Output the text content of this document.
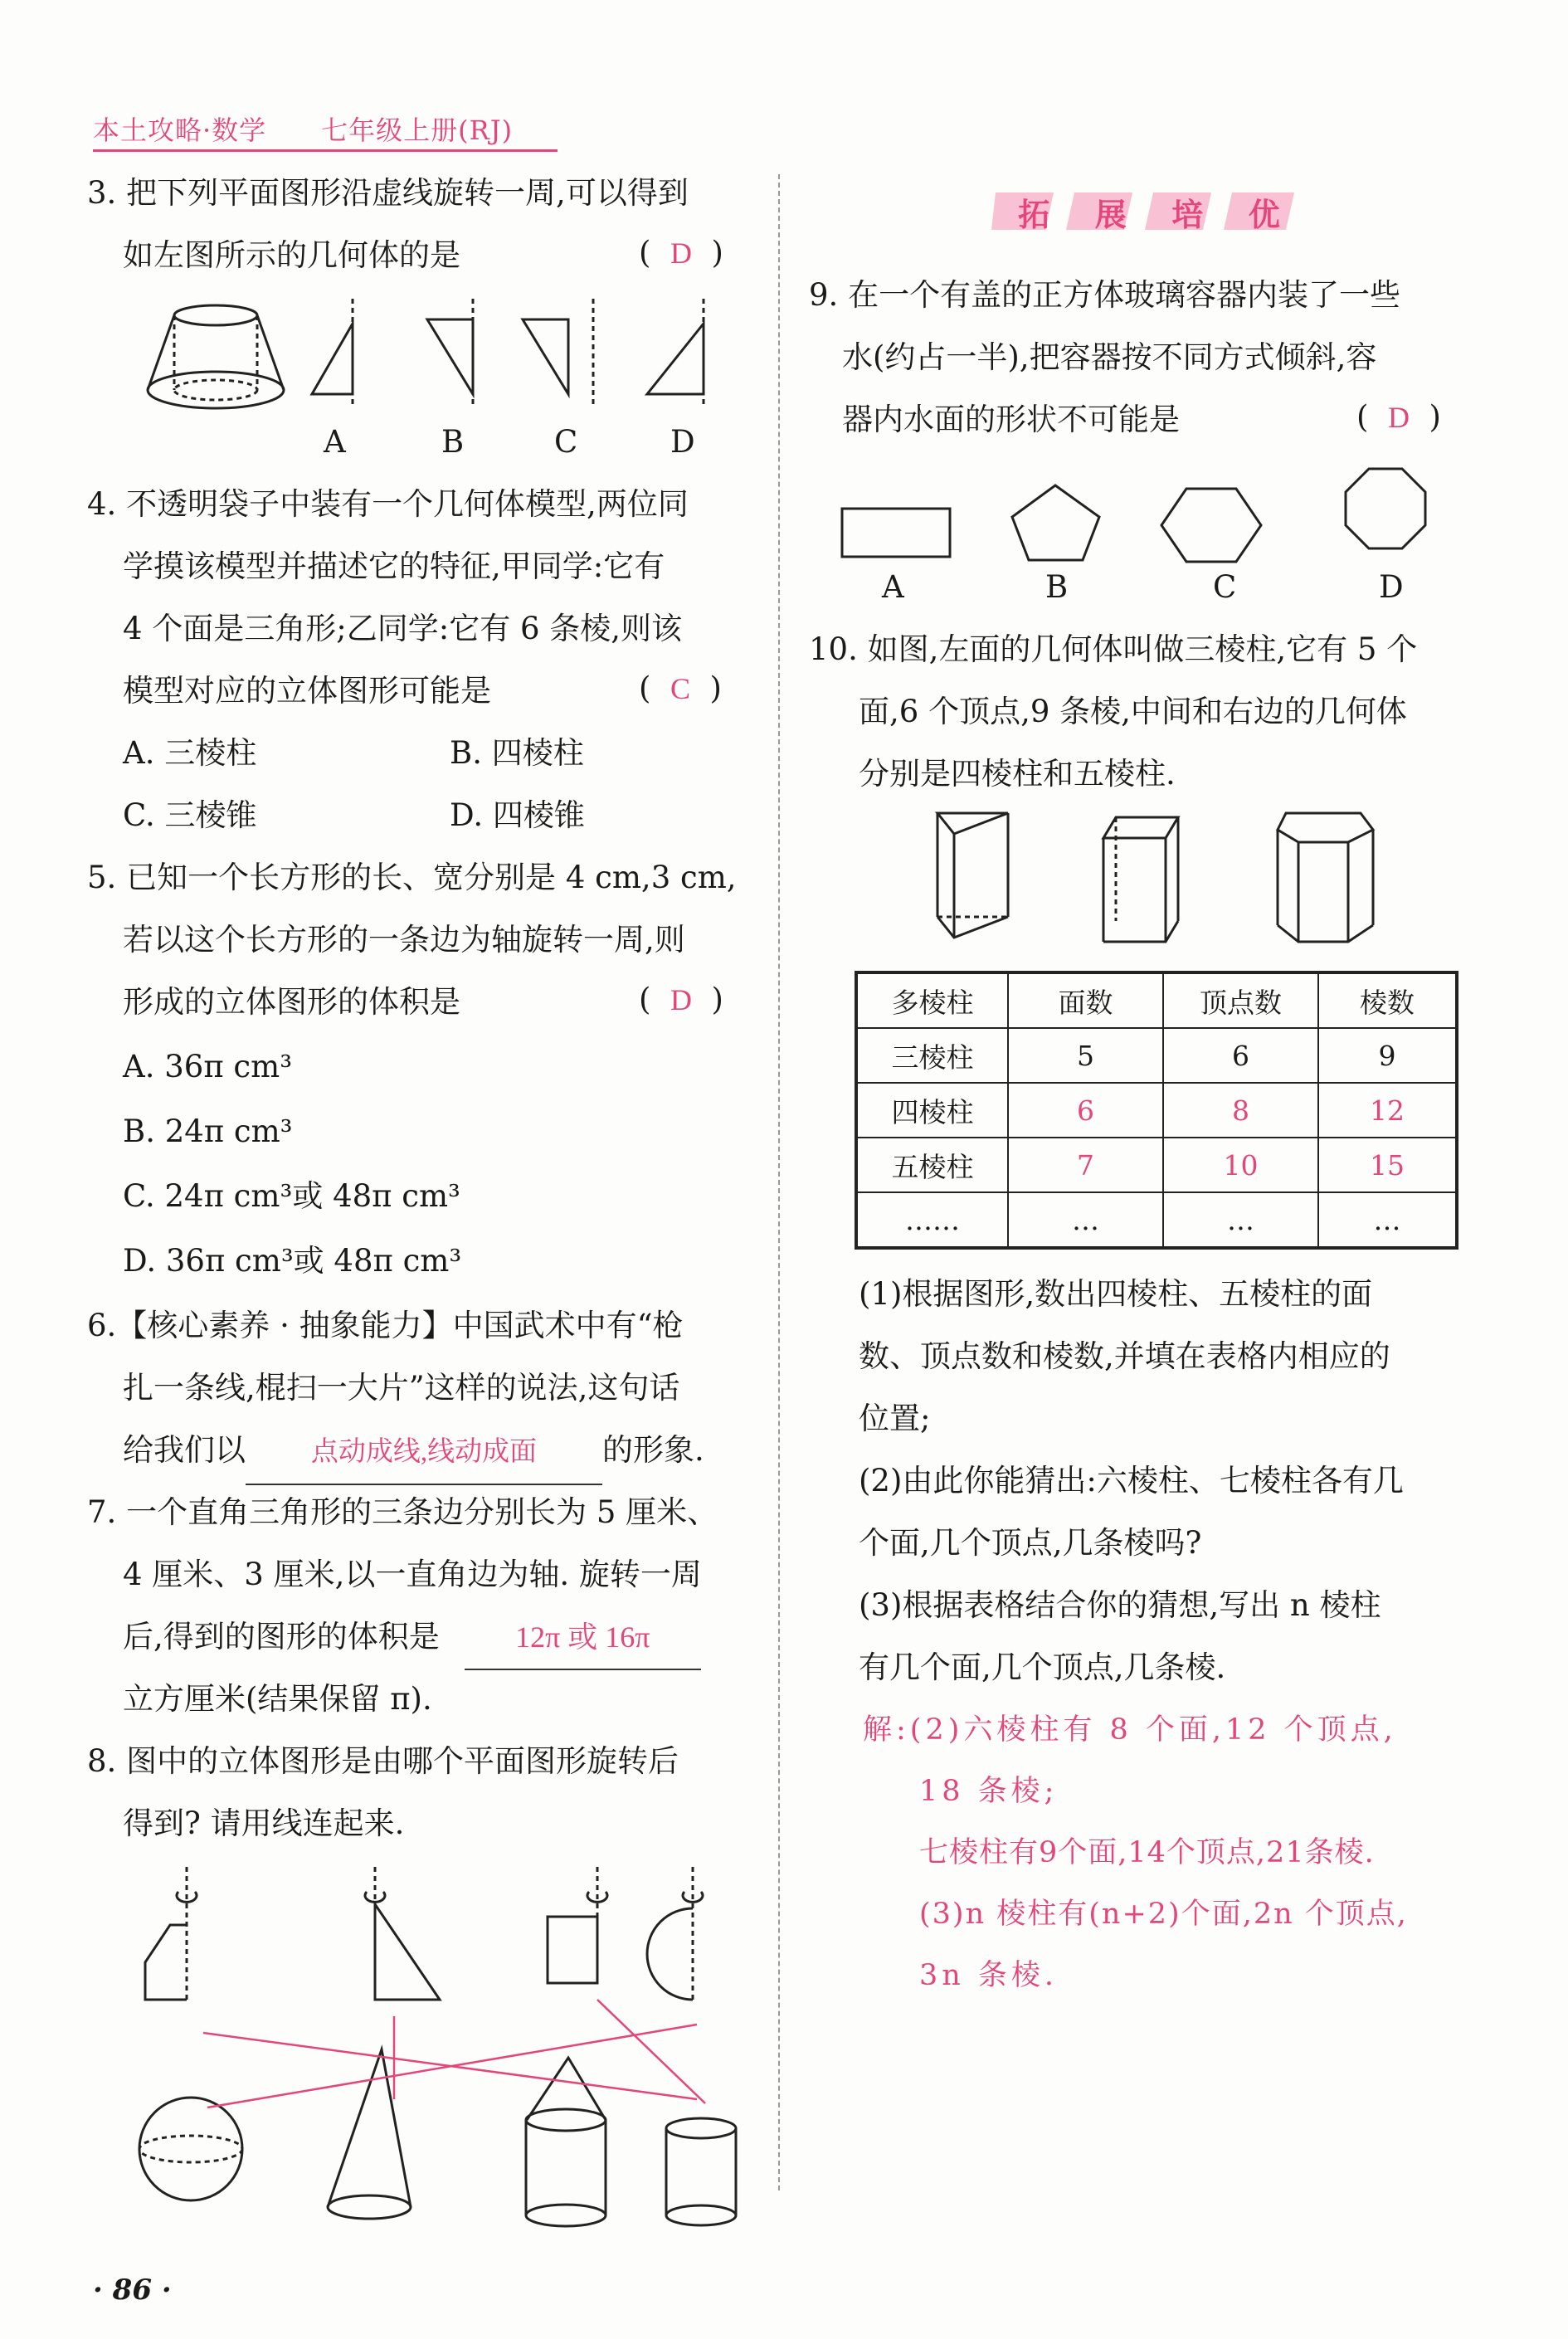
本土攻略·数学　　七年级上册(RJ)
3. 把下列平面图形沿虚线旋转一周,可以得到
如左图所示的几何体的是	(  D  )
A	B	C	D
4. 不透明袋子中装有一个几何体模型,两位同
学摸该模型并描述它的特征,甲同学:它有
4 个面是三角形;乙同学:它有 6 条棱,则该
模型对应的立体图形可能是	(  C  )
A. 三棱柱	B. 四棱柱
C. 三棱锥	D. 四棱锥
5. 已知一个长方形的长、宽分别是 4 cm,3 cm,
若以这个长方形的一条边为轴旋转一周,则
形成的立体图形的体积是	(  D  )
A. 36π cm³
B. 24π cm³
C. 24π cm³或 48π cm³
D. 36π cm³或 48π cm³
6.【核心素养 · 抽象能力】中国武术中有“枪
扎一条线,棍扫一大片”这样的说法,这句话
给我们以 点动成线,线动成面 的形象.
7. 一个直角三角形的三条边分别长为 5 厘米、
4 厘米、3 厘米,以一直角边为轴. 旋转一周
后,得到的图形的体积是	12π 或 16π
立方厘米(结果保留 π).
8. 图中的立体图形是由哪个平面图形旋转后
得到? 请用线连起来.
· 86 ·
拓 展 培 优
9. 在一个有盖的正方体玻璃容器内装了一些
水(约占一半),把容器按不同方式倾斜,容
器内水面的形状不可能是	(  D  )
A	B	C	D
10. 如图,左面的几何体叫做三棱柱,它有 5 个
面,6 个顶点,9 条棱,中间和右边的几何体
分别是四棱柱和五棱柱.
多棱柱	面数	顶点数	棱数
三棱柱	5	6	9
四棱柱	6	8	12
五棱柱	7	10	15
……	…	…	…
(1)根据图形,数出四棱柱、五棱柱的面
数、顶点数和棱数,并填在表格内相应的
位置;
(2)由此你能猜出:六棱柱、七棱柱各有几
个面,几个顶点,几条棱吗?
(3)根据表格结合你的猜想,写出 n 棱柱
有几个面,几个顶点,几条棱.
解:(2)六棱柱有 8 个面,12 个顶点,
18 条棱;
七棱柱有9个面,14个顶点,21条棱.
(3)n 棱柱有(n+2)个面,2n 个顶点,
3n 条棱.
